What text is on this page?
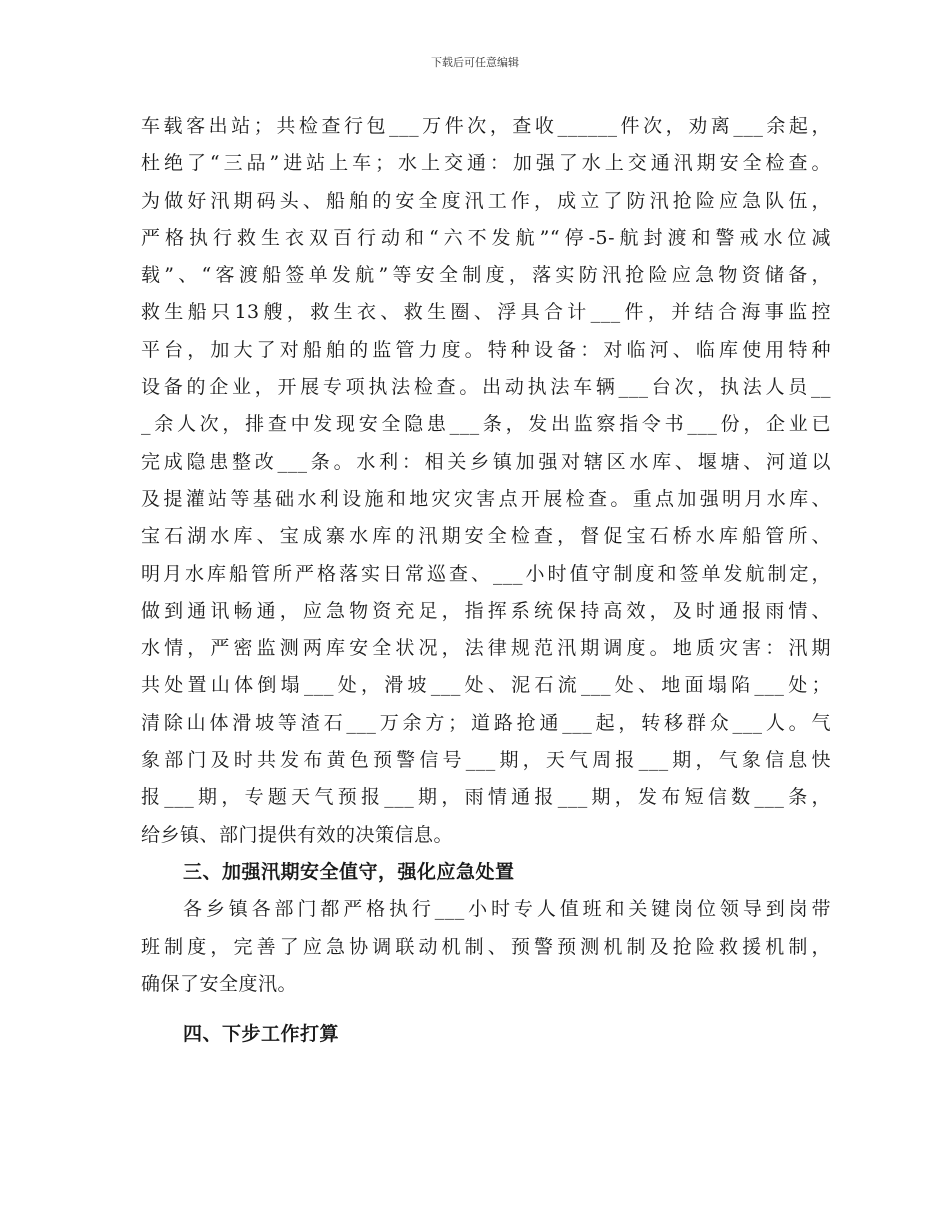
下载后可任意编辑
车载客出站；共检查行包___万件次，查收______件次，劝离___余起，
杜绝了“三品”进站上车；水上交通：加强了水上交通汛期安全检查。
为做好汛期码头、船舶的安全度汛工作，成立了防汛抢险应急队伍，
严格执行救生衣双百行动和“六不发航”“停-5-航封渡和警戒水位减
载”、“客渡船签单发航”等安全制度，落实防汛抢险应急物资储备，
救生船只13艘，救生衣、救生圈、浮具合计___件，并结合海事监控
平台，加大了对船舶的监管力度。特种设备：对临河、临库使用特种
设备的企业，开展专项执法检查。出动执法车辆___台次，执法人员__
_余人次，排查中发现安全隐患___条，发出监察指令书___份，企业已
完成隐患整改___条。水利：相关乡镇加强对辖区水库、堰塘、河道以
及提灌站等基础水利设施和地灾灾害点开展检查。重点加强明月水库、
宝石湖水库、宝成寨水库的汛期安全检查，督促宝石桥水库船管所、
明月水库船管所严格落实日常巡查、___小时值守制度和签单发航制定，
做到通讯畅通，应急物资充足，指挥系统保持高效，及时通报雨情、
水情，严密监测两库安全状况，法律规范汛期调度。地质灾害：汛期
共处置山体倒塌___处，滑坡___处、泥石流___处、地面塌陷___处；
清除山体滑坡等渣石___万余方；道路抢通___起，转移群众___人。气
象部门及时共发布黄色预警信号___期，天气周报___期，气象信息快
报___期，专题天气预报___期，雨情通报___期，发布短信数___条，
给乡镇、部门提供有效的决策信息。
三、加强汛期安全值守，强化应急处置
各乡镇各部门都严格执行___小时专人值班和关键岗位领导到岗带
班制度，完善了应急协调联动机制、预警预测机制及抢险救援机制，
确保了安全度汛。
四、下步工作打算
